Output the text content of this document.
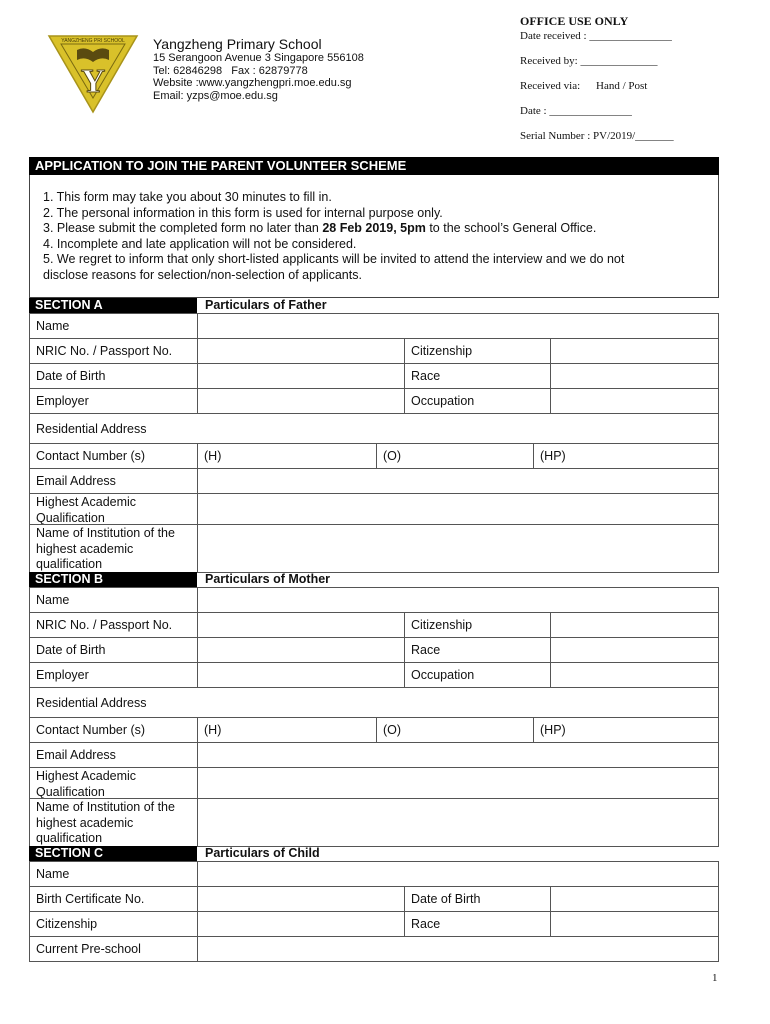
YANGZHENG PRI SCHOOL
Y
Yangzheng Primary School
15 Serangoon Avenue 3 Singapore 556108
Tel: 62846298   Fax : 62879778
Website :www.yangzhengpri.moe.edu.sg
Email: yzps@moe.edu.sg
OFFICE USE ONLY
Date received : _______________
Received by: ______________
Received via: Hand / Post
Date : _______________
Serial Number : PV/2019/_______
APPLICATION TO JOIN THE PARENT VOLUNTEER SCHEME
1. This form may take you about 30 minutes to fill in.
2. The personal information in this form is used for internal purpose only.
3. Please submit the completed form no later than 28 Feb 2019, 5pm to the school’s General Office.
4. Incomplete and late application will not be considered.
5. We regret to inform that only short-listed applicants will be invited to attend the interview and we do not
disclose reasons for selection/non-selection of applicants.
SECTION A	Particulars of Father
Name
NRIC No. / Passport No.	Citizenship
Date of Birth	Race
Employer	Occupation
Residential Address
Contact Number (s)	(H)	(O)	(HP)
Email Address
Highest Academic Qualification
Name of Institution of the highest academic qualification
SECTION B	Particulars of Mother
Name
NRIC No. / Passport No.	Citizenship
Date of Birth	Race
Employer	Occupation
Residential Address
Contact Number (s)	(H)	(O)	(HP)
Email Address
Highest Academic Qualification
Name of Institution of the highest academic qualification
SECTION C	Particulars of Child
Name
Birth Certificate No.	Date of Birth
Citizenship	Race
Current Pre-school
1
